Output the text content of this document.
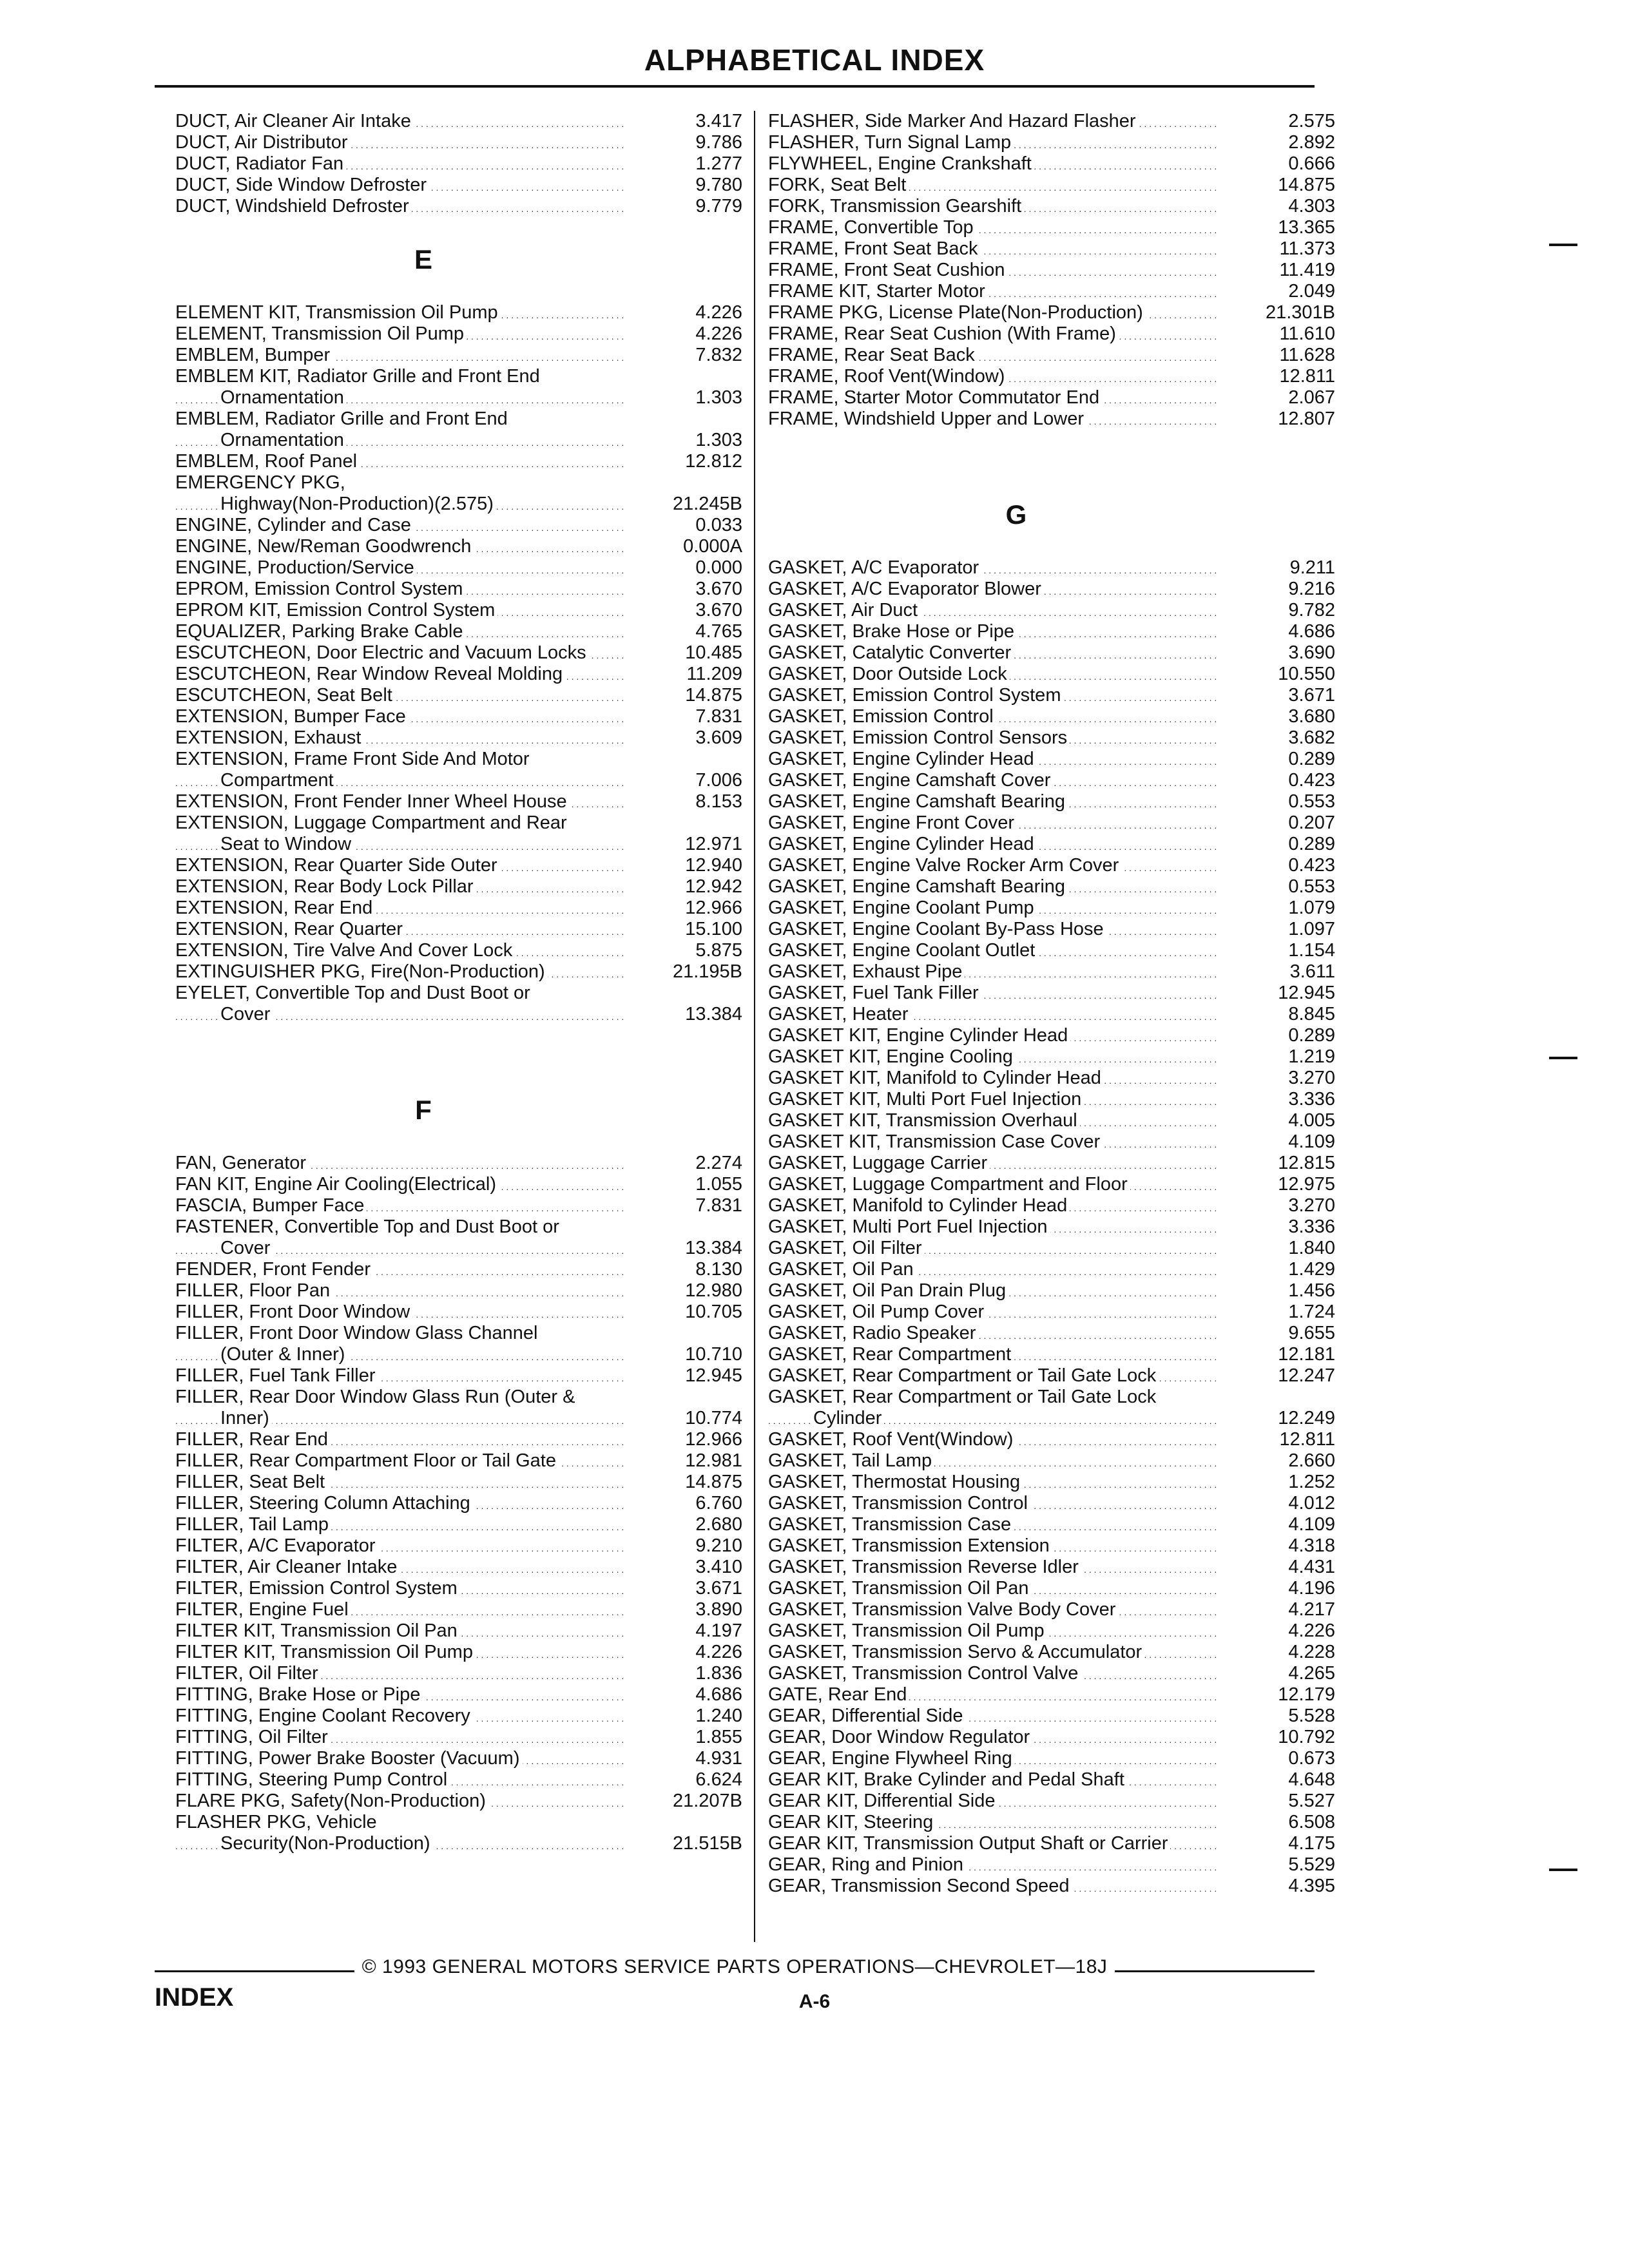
ALPHABETICAL INDEX
DUCT, Air Cleaner Air Intake . . .	3.417
DUCT, Air Distributor . . .	9.786
DUCT, Radiator Fan . . .	1.277
DUCT, Side Window Defroster . . .	9.780
DUCT, Windshield Defroster . . .	9.779
E
ELEMENT KIT, Transmission Oil Pump . . .	4.226
ELEMENT, Transmission Oil Pump . . .	4.226
EMBLEM, Bumper . . .	7.832
EMBLEM KIT, Radiator Grille and Front End
Ornamentation . . .	1.303
EMBLEM, Radiator Grille and Front End
Ornamentation . . .	1.303
EMBLEM, Roof Panel . . .	12.812
EMERGENCY PKG,
Highway(Non-Production)(2.575) . . .	21.245B
ENGINE, Cylinder and Case . . .	0.033
ENGINE, New/Reman Goodwrench . . .	0.000A
ENGINE, Production/Service . . .	0.000
EPROM, Emission Control System . . .	3.670
EPROM KIT, Emission Control System . . .	3.670
EQUALIZER, Parking Brake Cable . . .	4.765
ESCUTCHEON, Door Electric and Vacuum Locks . . .	10.485
ESCUTCHEON, Rear Window Reveal Molding . . .	11.209
ESCUTCHEON, Seat Belt . . .	14.875
EXTENSION, Bumper Face . . .	7.831
EXTENSION, Exhaust . . .	3.609
EXTENSION, Frame Front Side And Motor
Compartment . . .	7.006
EXTENSION, Front Fender Inner Wheel House . . .	8.153
EXTENSION, Luggage Compartment and Rear
Seat to Window . . .	12.971
EXTENSION, Rear Quarter Side Outer . . .	12.940
EXTENSION, Rear Body Lock Pillar . . .	12.942
EXTENSION, Rear End . . .	12.966
EXTENSION, Rear Quarter . . .	15.100
EXTENSION, Tire Valve And Cover Lock . . .	5.875
EXTINGUISHER PKG, Fire(Non-Production) . . .	21.195B
EYELET, Convertible Top and Dust Boot or
Cover . . .	13.384
F
FAN, Generator . . .	2.274
FAN KIT, Engine Air Cooling(Electrical) . . .	1.055
FASCIA, Bumper Face . . .	7.831
FASTENER, Convertible Top and Dust Boot or
Cover . . .	13.384
FENDER, Front Fender . . .	8.130
FILLER, Floor Pan . . .	12.980
FILLER, Front Door Window . . .	10.705
FILLER, Front Door Window Glass Channel
(Outer & Inner) . . .	10.710
FILLER, Fuel Tank Filler . . .	12.945
FILLER, Rear Door Window Glass Run (Outer &
Inner) . . .	10.774
FILLER, Rear End . . .	12.966
FILLER, Rear Compartment Floor or Tail Gate . . .	12.981
FILLER, Seat Belt . . .	14.875
FILLER, Steering Column Attaching . . .	6.760
FILLER, Tail Lamp . . .	2.680
FILTER, A/C Evaporator . . .	9.210
FILTER, Air Cleaner Intake . . .	3.410
FILTER, Emission Control System . . .	3.671
FILTER, Engine Fuel . . .	3.890
FILTER KIT, Transmission Oil Pan . . .	4.197
FILTER KIT, Transmission Oil Pump . . .	4.226
FILTER, Oil Filter . . .	1.836
FITTING, Brake Hose or Pipe . . .	4.686
FITTING, Engine Coolant Recovery . . .	1.240
FITTING, Oil Filter . . .	1.855
FITTING, Power Brake Booster (Vacuum) . . .	4.931
FITTING, Steering Pump Control . . .	6.624
FLARE PKG, Safety(Non-Production) . . .	21.207B
FLASHER PKG, Vehicle
Security(Non-Production) . . .	21.515B
FLASHER, Side Marker And Hazard Flasher . . .	2.575
FLASHER, Turn Signal Lamp . . .	2.892
FLYWHEEL, Engine Crankshaft . . .	0.666
FORK, Seat Belt . . .	14.875
FORK, Transmission Gearshift . . .	4.303
FRAME, Convertible Top . . .	13.365
FRAME, Front Seat Back . . .	11.373
FRAME, Front Seat Cushion . . .	11.419
FRAME KIT, Starter Motor . . .	2.049
FRAME PKG, License Plate(Non-Production) . . .	21.301B
FRAME, Rear Seat Cushion (With Frame) . . .	11.610
FRAME, Rear Seat Back . . .	11.628
FRAME, Roof Vent(Window) . . .	12.811
FRAME, Starter Motor Commutator End . . .	2.067
FRAME, Windshield Upper and Lower . . .	12.807
G
GASKET, A/C Evaporator . . .	9.211
GASKET, A/C Evaporator Blower . . .	9.216
GASKET, Air Duct . . .	9.782
GASKET, Brake Hose or Pipe . . .	4.686
GASKET, Catalytic Converter . . .	3.690
GASKET, Door Outside Lock . . .	10.550
GASKET, Emission Control System . . .	3.671
GASKET, Emission Control . . .	3.680
GASKET, Emission Control Sensors . . .	3.682
GASKET, Engine Cylinder Head . . .	0.289
GASKET, Engine Camshaft Cover . . .	0.423
GASKET, Engine Camshaft Bearing . . .	0.553
GASKET, Engine Front Cover . . .	0.207
GASKET, Engine Cylinder Head . . .	0.289
GASKET, Engine Valve Rocker Arm Cover . . .	0.423
GASKET, Engine Camshaft Bearing . . .	0.553
GASKET, Engine Coolant Pump . . .	1.079
GASKET, Engine Coolant By-Pass Hose . . .	1.097
GASKET, Engine Coolant Outlet . . .	1.154
GASKET, Exhaust Pipe . . .	3.611
GASKET, Fuel Tank Filler . . .	12.945
GASKET, Heater . . .	8.845
GASKET KIT, Engine Cylinder Head . . .	0.289
GASKET KIT, Engine Cooling . . .	1.219
GASKET KIT, Manifold to Cylinder Head . . .	3.270
GASKET KIT, Multi Port Fuel Injection . . .	3.336
GASKET KIT, Transmission Overhaul . . .	4.005
GASKET KIT, Transmission Case Cover . . .	4.109
GASKET, Luggage Carrier . . .	12.815
GASKET, Luggage Compartment and Floor . . .	12.975
GASKET, Manifold to Cylinder Head . . .	3.270
GASKET, Multi Port Fuel Injection . . .	3.336
GASKET, Oil Filter . . .	1.840
GASKET, Oil Pan . . .	1.429
GASKET, Oil Pan Drain Plug . . .	1.456
GASKET, Oil Pump Cover . . .	1.724
GASKET, Radio Speaker . . .	9.655
GASKET, Rear Compartment . . .	12.181
GASKET, Rear Compartment or Tail Gate Lock . . .	12.247
GASKET, Rear Compartment or Tail Gate Lock
Cylinder . . .	12.249
GASKET, Roof Vent(Window) . . .	12.811
GASKET, Tail Lamp . . .	2.660
GASKET, Thermostat Housing . . .	1.252
GASKET, Transmission Control . . .	4.012
GASKET, Transmission Case . . .	4.109
GASKET, Transmission Extension . . .	4.318
GASKET, Transmission Reverse Idler . . .	4.431
GASKET, Transmission Oil Pan . . .	4.196
GASKET, Transmission Valve Body Cover . . .	4.217
GASKET, Transmission Oil Pump . . .	4.226
GASKET, Transmission Servo & Accumulator . . .	4.228
GASKET, Transmission Control Valve . . .	4.265
GATE, Rear End . . .	12.179
GEAR, Differential Side . . .	5.528
GEAR, Door Window Regulator . . .	10.792
GEAR, Engine Flywheel Ring . . .	0.673
GEAR KIT, Brake Cylinder and Pedal Shaft . . .	4.648
GEAR KIT, Differential Side . . .	5.527
GEAR KIT, Steering . . .	6.508
GEAR KIT, Transmission Output Shaft or Carrier . . .	4.175
GEAR, Ring and Pinion . . .	5.529
GEAR, Transmission Second Speed . . .	4.395
© 1993 GENERAL MOTORS SERVICE PARTS OPERATIONS—CHEVROLET—18J
INDEX	A-6
